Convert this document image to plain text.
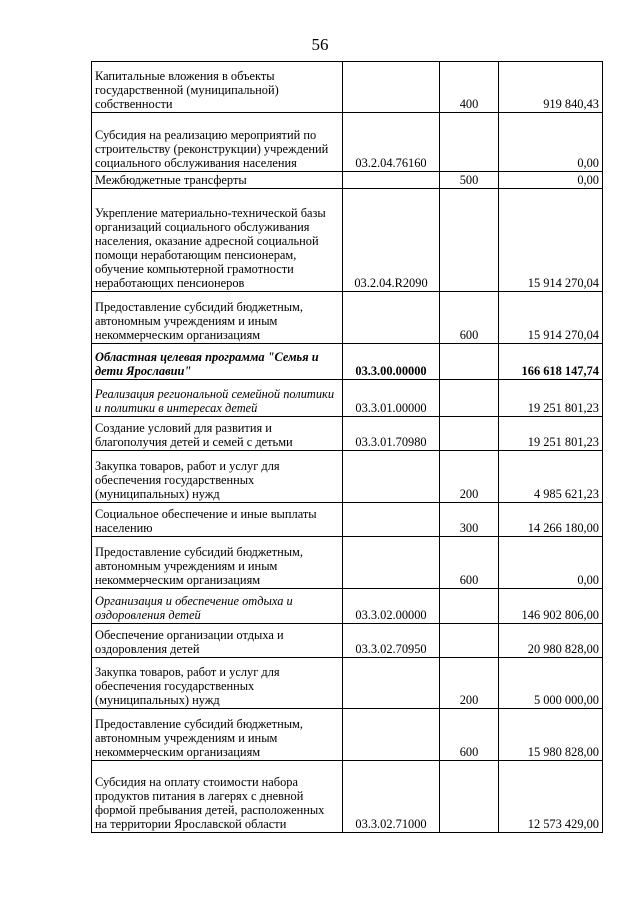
56
Капитальные вложения в объекты государственной (муниципальной) собственности		400	919 840,43
Субсидия на реализацию мероприятий по строительству (реконструкции) учреждений социального обслуживания населения	03.2.04.76160		0,00
Межбюджетные трансферты		500	0,00
Укрепление материально-технической базы организаций социального обслуживания населения, оказание адресной социальной помощи неработающим пенсионерам, обучение компьютерной грамотности неработающих пенсионеров	03.2.04.R2090		15 914 270,04
Предоставление субсидий бюджетным, автономным учреждениям и иным некоммерческим организациям		600	15 914 270,04
Областная целевая программа "Семья и дети Ярославии"	03.3.00.00000		166 618 147,74
Реализация региональной семейной политики и политики в интересах детей	03.3.01.00000		19 251 801,23
Создание условий для развития и благополучия детей и семей с детьми	03.3.01.70980		19 251 801,23
Закупка товаров, работ и услуг для обеспечения государственных (муниципальных) нужд		200	4 985 621,23
Социальное обеспечение и иные выплаты населению		300	14 266 180,00
Предоставление субсидий бюджетным, автономным учреждениям и иным некоммерческим организациям		600	0,00
Организация и обеспечение отдыха и оздоровления детей	03.3.02.00000		146 902 806,00
Обеспечение организации отдыха и оздоровления детей	03.3.02.70950		20 980 828,00
Закупка товаров, работ и услуг для обеспечения государственных (муниципальных) нужд		200	5 000 000,00
Предоставление субсидий бюджетным, автономным учреждениям и иным некоммерческим организациям		600	15 980 828,00
Субсидия на оплату стоимости набора продуктов питания в лагерях с дневной формой пребывания детей, расположенных на территории Ярославской области	03.3.02.71000		12 573 429,00
